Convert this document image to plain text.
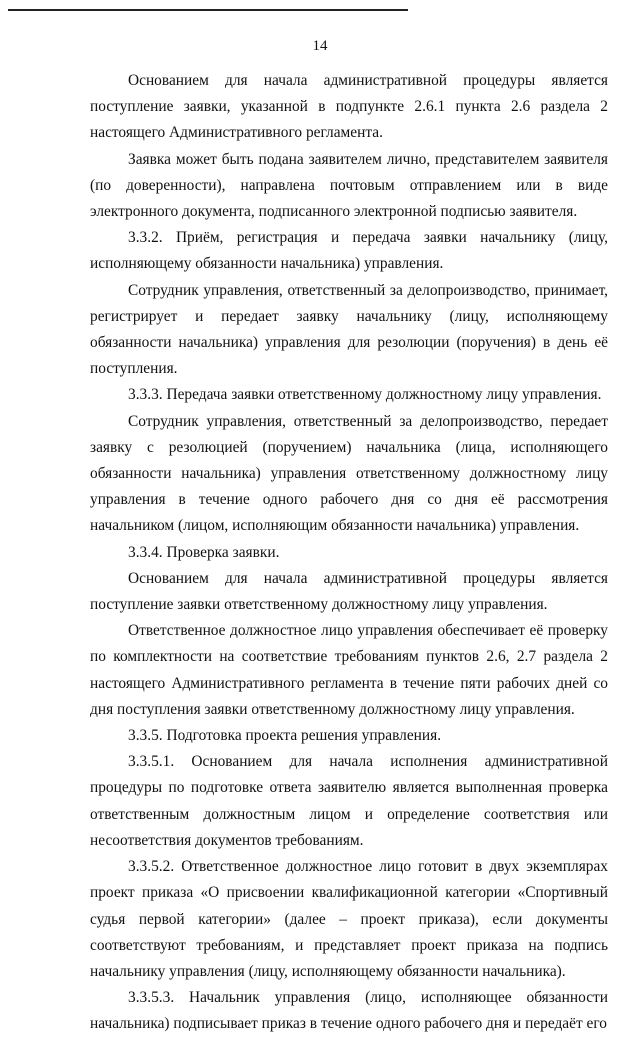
14

Основанием для начала административной процедуры является поступление заявки, указанной в подпункте 2.6.1 пункта 2.6 раздела 2 настоящего Административного регламента.

Заявка может быть подана заявителем лично, представителем заявителя (по доверенности), направлена почтовым отправлением или в виде электронного документа, подписанного электронной подписью заявителя.

3.3.2. Приём, регистрация и передача заявки начальнику (лицу, исполняющему обязанности начальника) управления.

Сотрудник управления, ответственный за делопроизводство, принимает, регистрирует и передает заявку начальнику (лицу, исполняющему обязанности начальника) управления для резолюции (поручения) в день её поступления.

3.3.3. Передача заявки ответственному должностному лицу управления.

Сотрудник управления, ответственный за делопроизводство, передает заявку с резолюцией (поручением) начальника (лица, исполняющего обязанности начальника) управления ответственному должностному лицу управления в течение одного рабочего дня со дня её рассмотрения начальником (лицом, исполняющим обязанности начальника) управления.

3.3.4. Проверка заявки.

Основанием для начала административной процедуры является поступление заявки ответственному должностному лицу управления.

Ответственное должностное лицо управления обеспечивает её проверку по комплектности на соответствие требованиям пунктов 2.6, 2.7 раздела 2 настоящего Административного регламента в течение пяти рабочих дней со дня поступления заявки ответственному должностному лицу управления.

3.3.5. Подготовка проекта решения управления.

3.3.5.1. Основанием для начала исполнения административной процедуры по подготовке ответа заявителю является выполненная проверка ответственным должностным лицом и определение соответствия или несоответствия документов требованиям.

3.3.5.2. Ответственное должностное лицо готовит в двух экземплярах проект приказа «О присвоении квалификационной категории «Спортивный судья первой категории» (далее – проект приказа), если документы соответствуют требованиям, и представляет проект приказа на подпись начальнику управления (лицу, исполняющему обязанности начальника).

3.3.5.3. Начальник управления (лицо, исполняющее обязанности начальника) подписывает приказ в течение одного рабочего дня и передаёт его
